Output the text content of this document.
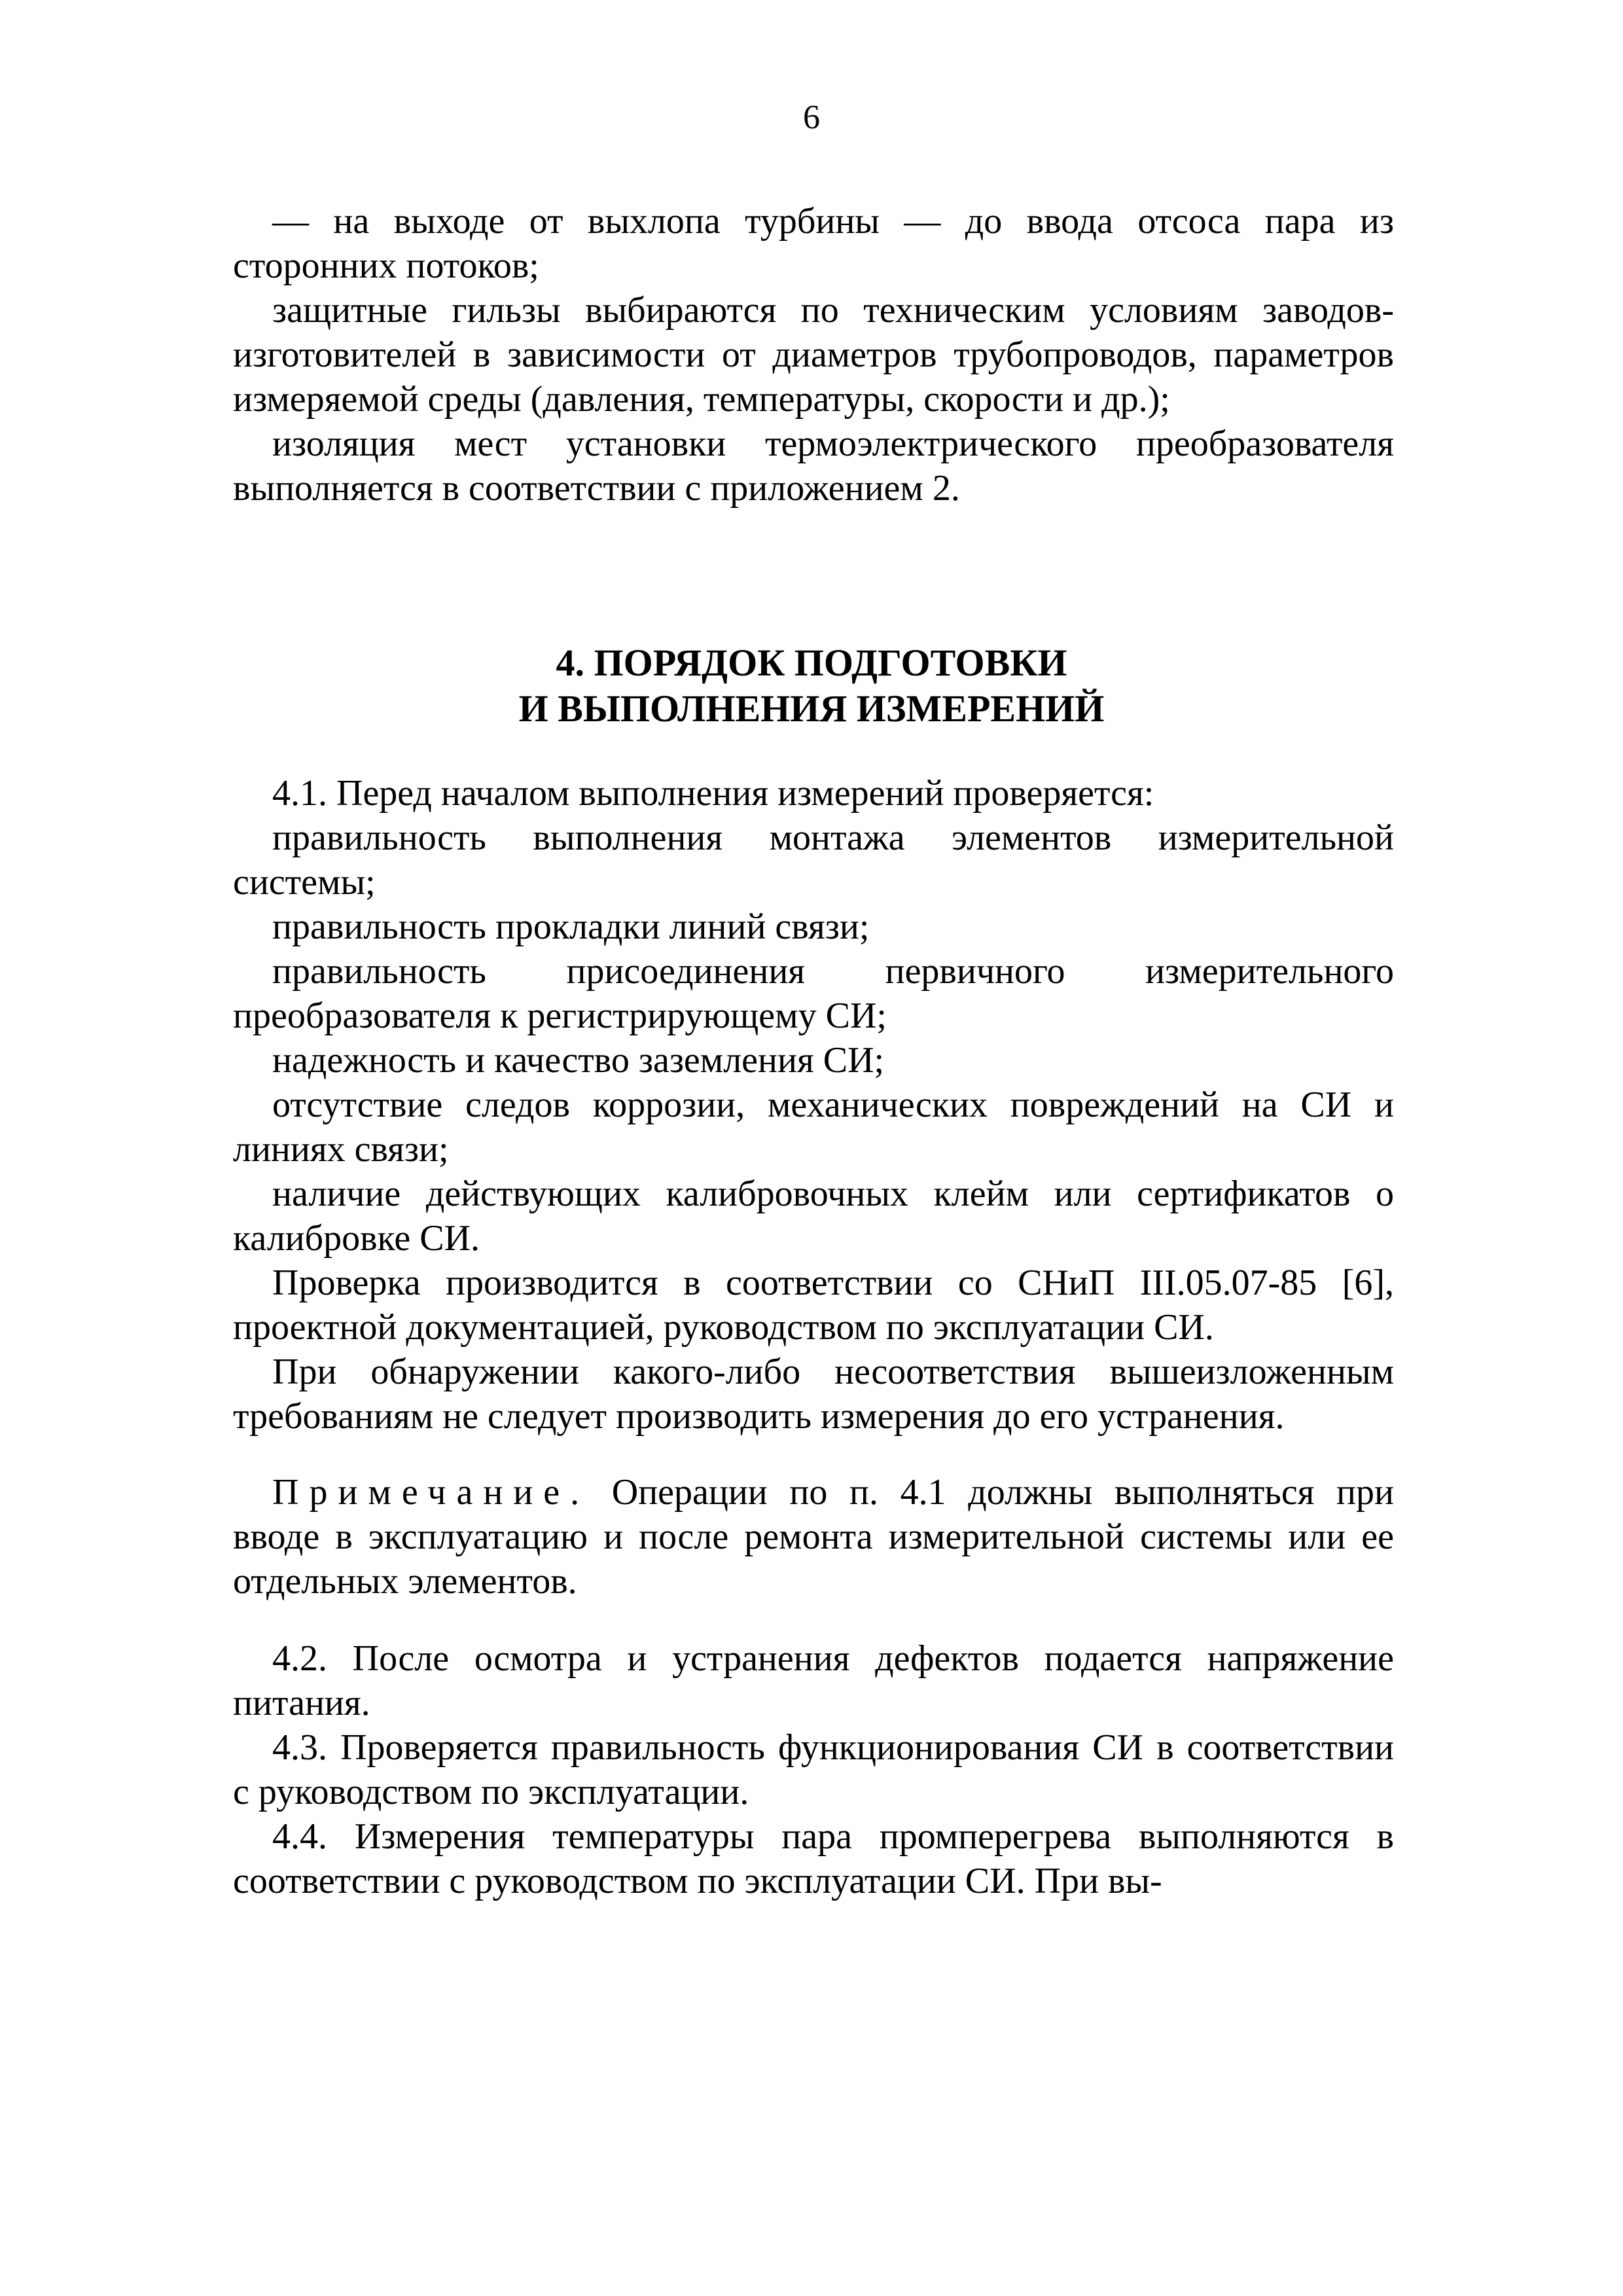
6

— на выходе от выхлопа турбины — до ввода отсоса пара из сторонних потоков;

защитные гильзы выбираются по техническим условиям заводов-изготовителей в зависимости от диаметров трубопроводов, параметров измеряемой среды (давления, температуры, скорости и др.);

изоляция мест установки термоэлектрического преобразователя выполняется в соответствии с приложением 2.

4. ПОРЯДОК ПОДГОТОВКИ
И ВЫПОЛНЕНИЯ ИЗМЕРЕНИЙ

4.1. Перед началом выполнения измерений проверяется:

правильность выполнения монтажа элементов измерительной системы;

правильность прокладки линий связи;

правильность присоединения первичного измерительного преобразователя к регистрирующему СИ;

надежность и качество заземления СИ;

отсутствие следов коррозии, механических повреждений на СИ и линиях связи;

наличие действующих калибровочных клейм или сертификатов о калибровке СИ.

Проверка производится в соответствии со СНиП III.05.07-85 [6], проектной документацией, руководством по эксплуатации СИ.

При обнаружении какого-либо несоответствия вышеизложенным требованиям не следует производить измерения до его устранения.

Примечание. Операции по п. 4.1 должны выполняться при вводе в эксплуатацию и после ремонта измерительной системы или ее отдельных элементов.

4.2. После осмотра и устранения дефектов подается напряжение питания.

4.3. Проверяется правильность функционирования СИ в соответствии с руководством по эксплуатации.

4.4. Измерения температуры пара промперегрева выполняются в соответствии с руководством по эксплуатации СИ. При вы-
